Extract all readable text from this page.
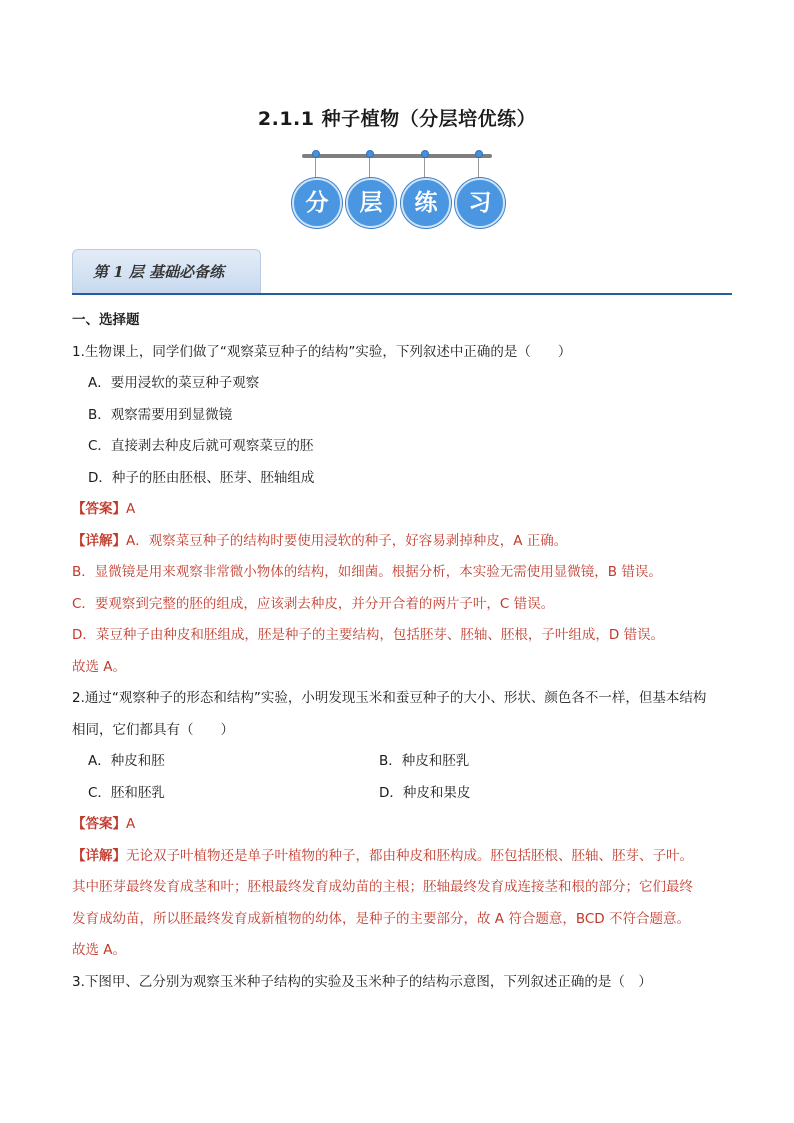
2.1.1 种子植物（分层培优练）
分	层	练	习
第 1 层 基础必备练
一、选择题
1.生物课上，同学们做了“观察菜豆种子的结构”实验，下列叙述中正确的是（　　）
A．要用浸软的菜豆种子观察
B．观察需要用到显微镜
C．直接剥去种皮后就可观察菜豆的胚
D．种子的胚由胚根、胚芽、胚轴组成
【答案】A
【详解】A．观察菜豆种子的结构时要使用浸软的种子，好容易剥掉种皮，A 正确。
B．显微镜是用来观察非常微小物体的结构，如细菌。根据分析，本实验无需使用显微镜，B 错误。
C．要观察到完整的胚的组成，应该剥去种皮，并分开合着的两片子叶，C 错误。
D．菜豆种子由种皮和胚组成，胚是种子的主要结构，包括胚芽、胚轴、胚根，子叶组成，D 错误。
故选 A。
2.通过“观察种子的形态和结构”实验，小明发现玉米和蚕豆种子的大小、形状、颜色各不一样，但基本结构
相同，它们都具有（　　）
A．种皮和胚	B．种皮和胚乳
C．胚和胚乳	D．种皮和果皮
【答案】A
【详解】无论双子叶植物还是单子叶植物的种子，都由种皮和胚构成。胚包括胚根、胚轴、胚芽、子叶。
其中胚芽最终发育成茎和叶；胚根最终发育成幼苗的主根；胚轴最终发育成连接茎和根的部分；它们最终
发育成幼苗，所以胚最终发育成新植物的幼体，是种子的主要部分，故 A 符合题意，BCD 不符合题意。
故选 A。
3.下图甲、乙分别为观察玉米种子结构的实验及玉米种子的结构示意图，下列叙述正确的是（　）
